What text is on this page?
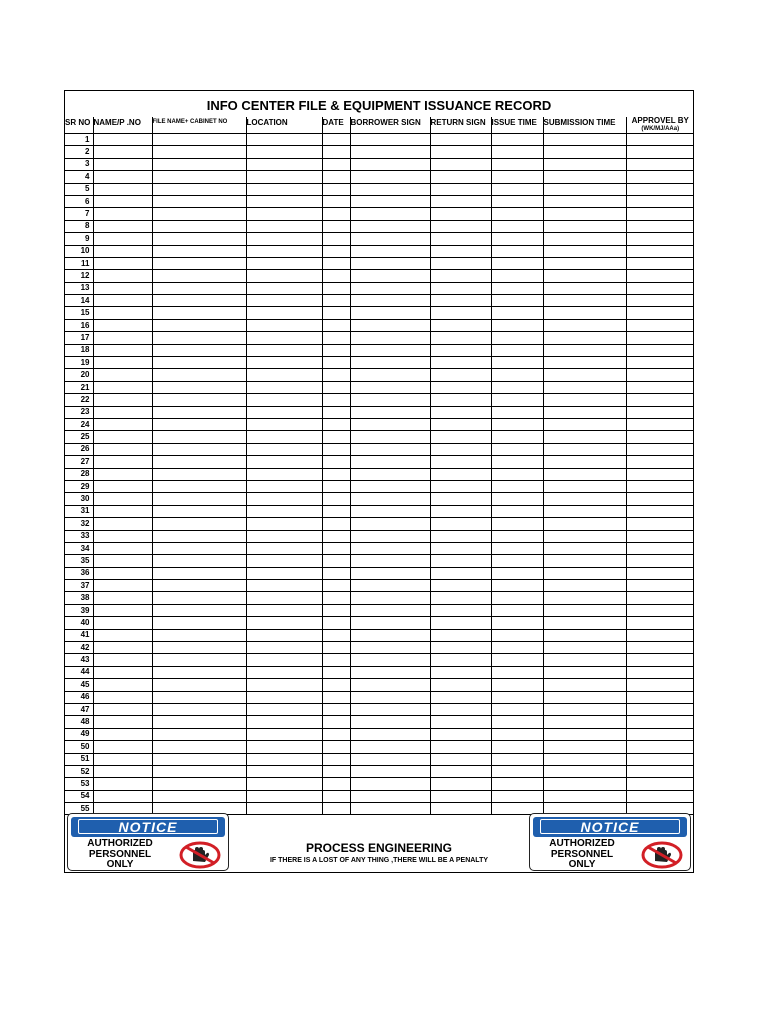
INFO CENTER FILE & EQUIPMENT ISSUANCE RECORD
SR NO	NAME/P .NO	FILE NAME+ CABINET NO	LOCATION	DATE	BORROWER SIGN	RETURN SIGN	ISSUE TIME	SUBMISSION TIME	APPROVEL BY
(WK/MJ/AAa)

1									
2									
3									
4									
5									
6									
7									
8									
9									
10									
11									
12									
13									
14									
15									
16									
17									
18									
19									
20									
21									
22									
23									
24									
25									
26									
27									
28									
29									
30									
31									
32									
33									
34									
35									
36									
37									
38									
39									
40									
41									
42									
43									
44									
45									
46									
47									
48									
49									
50									
51									
52									
53									
54									
55									
NOTICE
AUTHORIZED
PERSONNEL
ONLY
PROCESS ENGINEERING
IF THERE IS A LOST OF ANY THING ,THERE WILL BE A PENALTY
NOTICE
AUTHORIZED
PERSONNEL
ONLY
